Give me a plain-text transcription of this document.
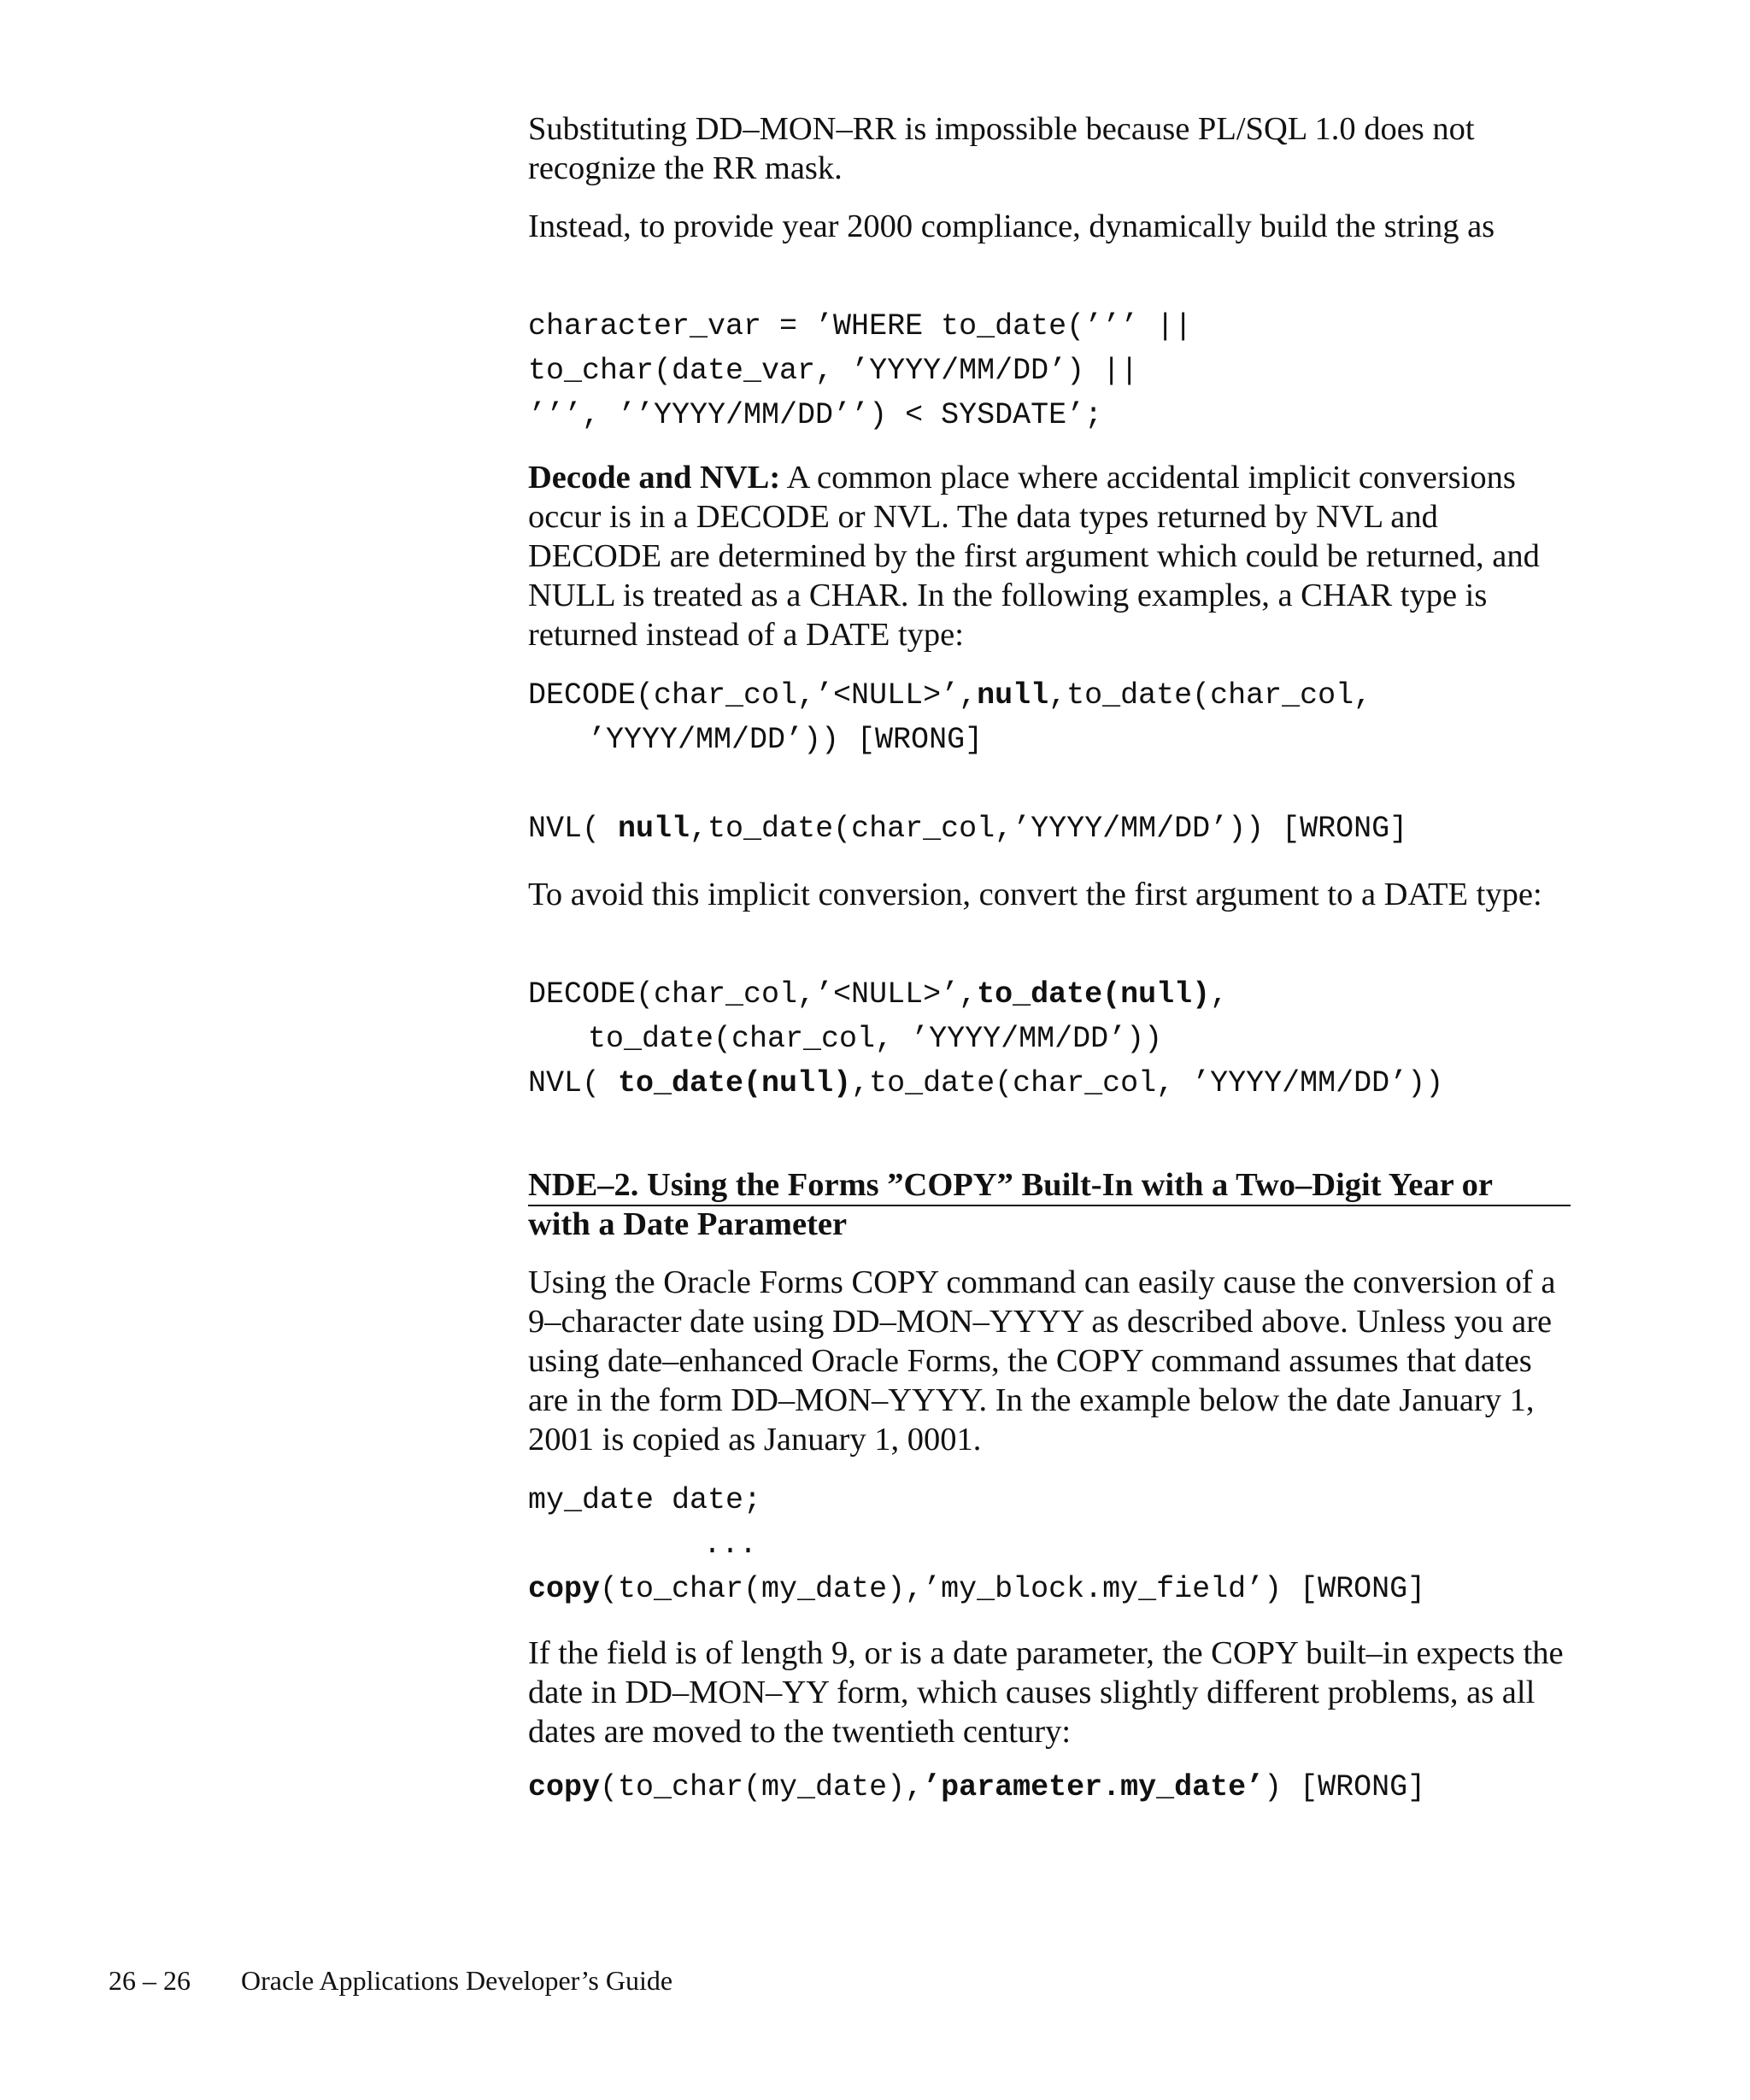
Substituting DD–MON–RR is impossible because PL/SQL 1.0 does not recognize the RR mask.
Instead, to provide year 2000 compliance, dynamically build the string as
character_var = ’WHERE to_date(’’’ ||
to_char(date_var, ’YYYY/MM/DD’) ||
’’’, ’’YYYY/MM/DD’’) < SYSDATE’;
Decode and NVL: A common place where accidental implicit conversions occur is in a DECODE or NVL. The data types returned by NVL and DECODE are determined by the first argument which could be returned, and NULL is treated as a CHAR. In the following examples, a CHAR type is returned instead of a DATE type:
DECODE(char_col,’<NULL>’,null,to_date(char_col,
’YYYY/MM/DD’)) [WRONG]
NVL( null,to_date(char_col,’YYYY/MM/DD’)) [WRONG]
To avoid this implicit conversion, convert the first argument to a DATE type:
DECODE(char_col,’<NULL>’,to_date(null),
to_date(char_col, ’YYYY/MM/DD’))
NVL( to_date(null),to_date(char_col, ’YYYY/MM/DD’))
NDE–2. Using the Forms ”COPY” Built-In with a Two–Digit Year or
with a Date Parameter
Using the Oracle Forms COPY command can easily cause the conversion of a 9–character date using DD–MON–YYYY as described above. Unless you are using date–enhanced Oracle Forms, the COPY command assumes that dates are in the form DD–MON–YYYY. In the example below the date January 1, 2001 is copied as January 1, 0001.
my_date date;
...
copy(to_char(my_date),’my_block.my_field’) [WRONG]
If the field is of length 9, or is a date parameter, the COPY built–in expects the date in DD–MON–YY form, which causes slightly different problems, as all dates are moved to the twentieth century:
copy(to_char(my_date),’parameter.my_date’) [WRONG]
26 – 26 Oracle Applications Developer’s Guide
